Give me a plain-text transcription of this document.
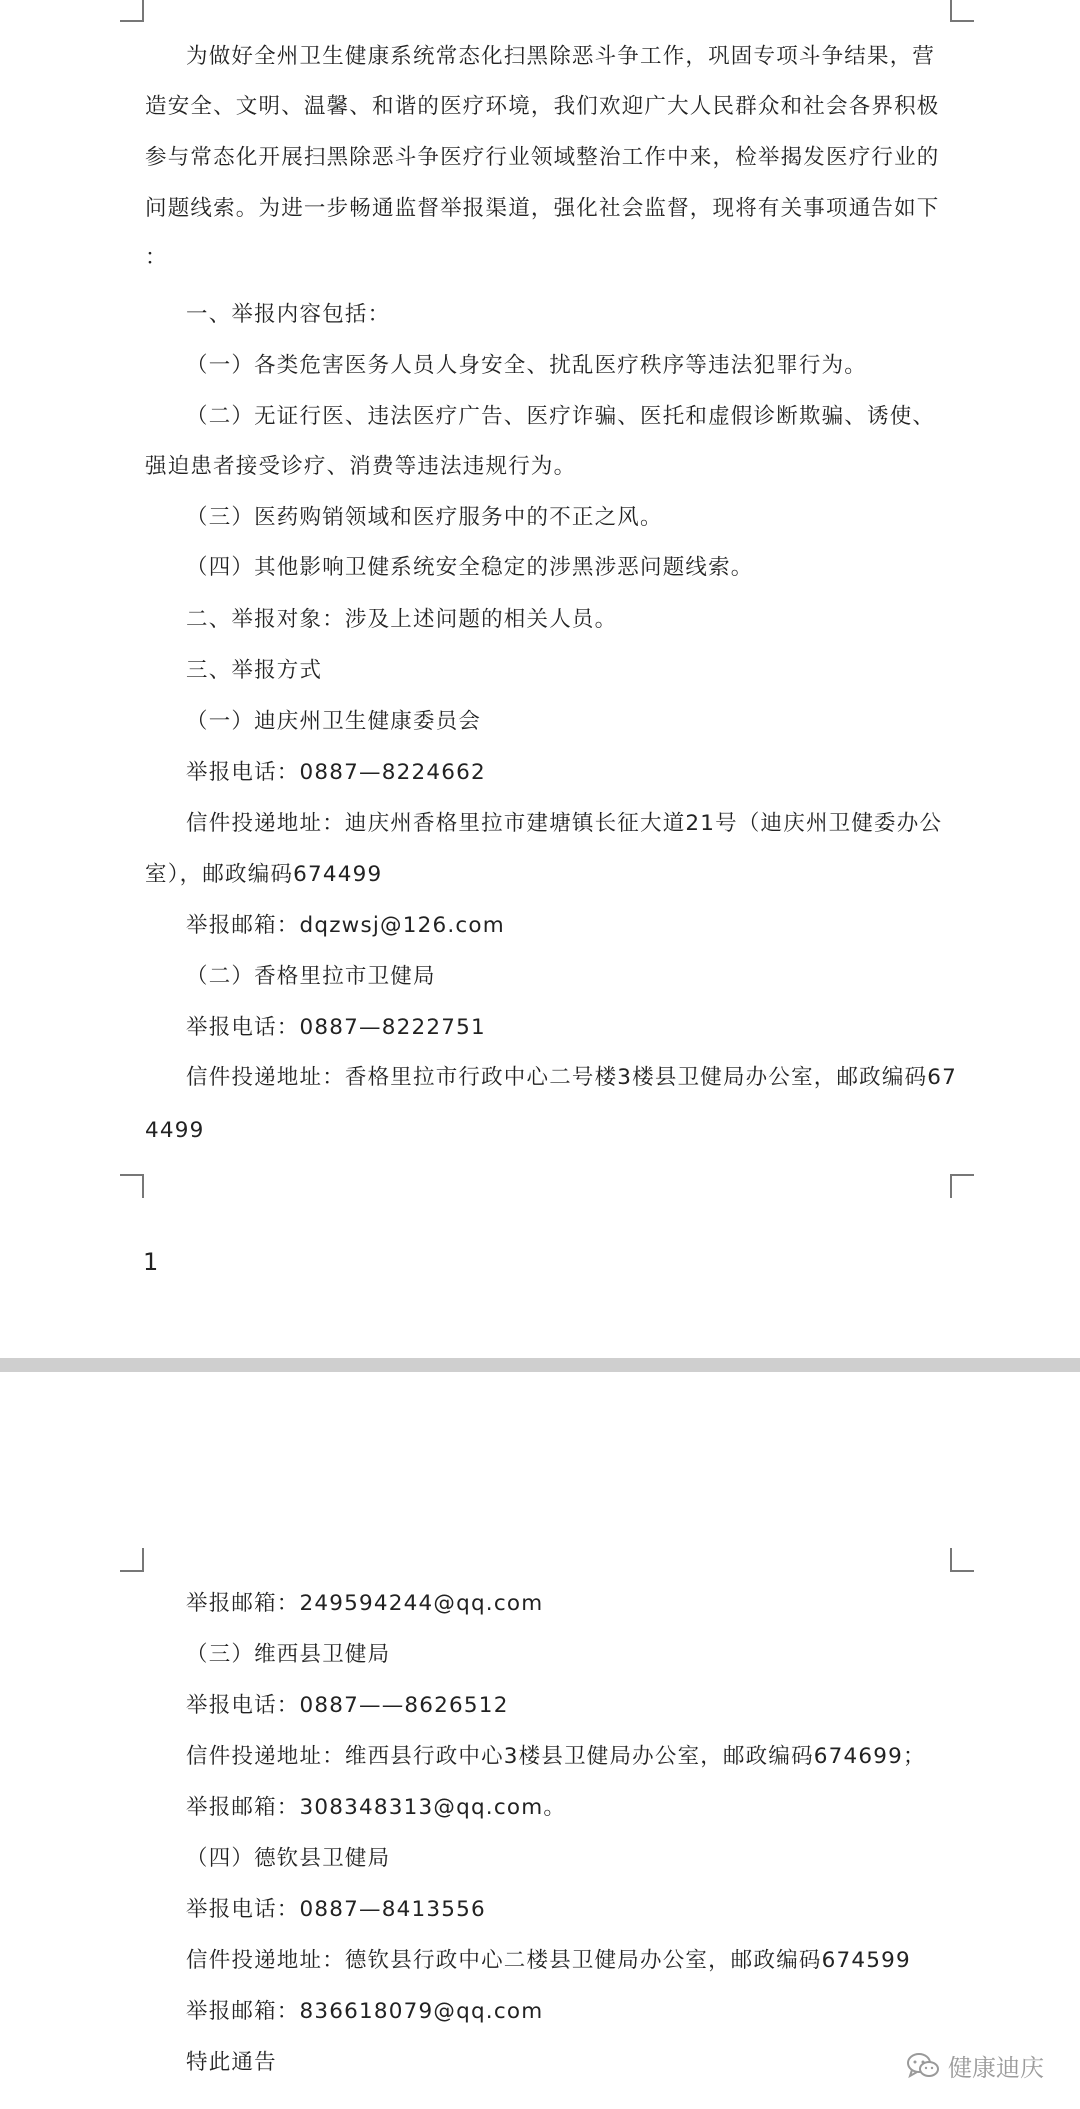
为做好全州卫生健康系统常态化扫黑除恶斗争工作，巩固专项斗争结果，营
造安全、文明、温馨、和谐的医疗环境，我们欢迎广大人民群众和社会各界积极
参与常态化开展扫黑除恶斗争医疗行业领域整治工作中来，检举揭发医疗行业的
问题线索。为进一步畅通监督举报渠道，强化社会监督，现将有关事项通告如下
：
一、举报内容包括：
（一）各类危害医务人员人身安全、扰乱医疗秩序等违法犯罪行为。
（二）无证行医、违法医疗广告、医疗诈骗、医托和虚假诊断欺骗、诱使、
强迫患者接受诊疗、消费等违法违规行为。
（三）医药购销领域和医疗服务中的不正之风。
（四）其他影响卫健系统安全稳定的涉黑涉恶问题线索。
二、举报对象：涉及上述问题的相关人员。
三、举报方式
（一）迪庆州卫生健康委员会
举报电话：0887—8224662
信件投递地址：迪庆州香格里拉市建塘镇长征大道21号（迪庆州卫健委办公
室），邮政编码674499
举报邮箱：dqzwsj@126.com
（二）香格里拉市卫健局
举报电话：0887—8222751
信件投递地址：香格里拉市行政中心二号楼3楼县卫健局办公室，邮政编码67
4499
1
举报邮箱：249594244@qq.com
（三）维西县卫健局
举报电话：0887——8626512
信件投递地址：维西县行政中心3楼县卫健局办公室，邮政编码674699；
举报邮箱：308348313@qq.com。
（四）德钦县卫健局
举报电话：0887—8413556
信件投递地址：德钦县行政中心二楼县卫健局办公室，邮政编码674599
举报邮箱：836618079@qq.com
特此通告	健康迪庆
